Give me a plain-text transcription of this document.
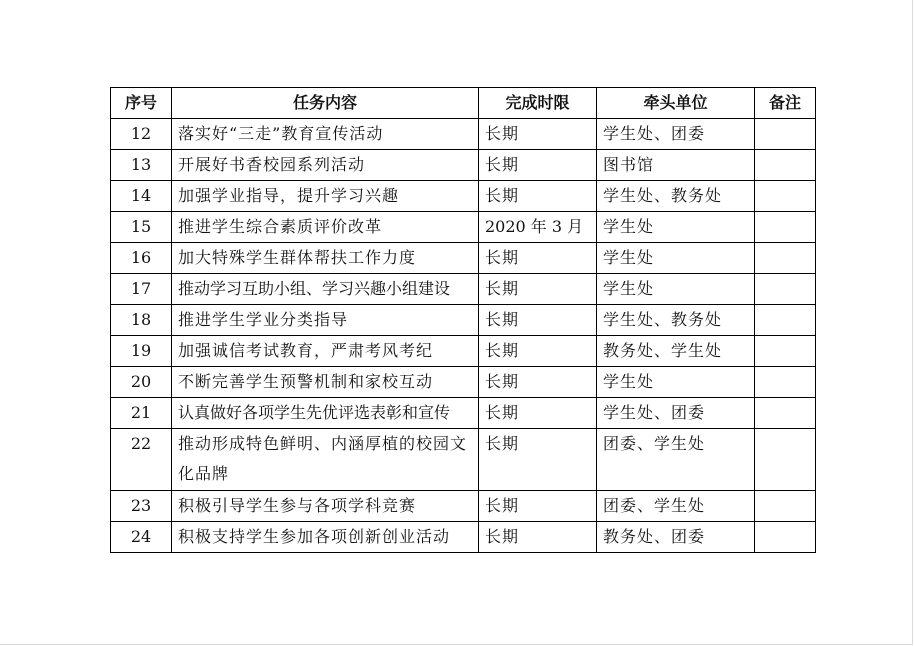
序号	任务内容	完成时限	牵头单位	备注
12	落实好“三走”教育宣传活动	长期	学生处、团委	
13	开展好书香校园系列活动	长期	图书馆	
14	加强学业指导，提升学习兴趣	长期	学生处、教务处	
15	推进学生综合素质评价改革	2020 年 3 月	学生处	
16	加大特殊学生群体帮扶工作力度	长期	学生处	
17	推动学习互助小组、学习兴趣小组建设	长期	学生处	
18	推进学生学业分类指导	长期	学生处、教务处	
19	加强诚信考试教育，严肃考风考纪	长期	教务处、学生处	
20	不断完善学生预警机制和家校互动	长期	学生处	
21	认真做好各项学生先优评选表彰和宣传	长期	学生处、团委	
22	推动形成特色鲜明、内涵厚植的校园文化品牌	长期	团委、学生处	
23	积极引导学生参与各项学科竞赛	长期	团委、学生处	
24	积极支持学生参加各项创新创业活动	长期	教务处、团委	
